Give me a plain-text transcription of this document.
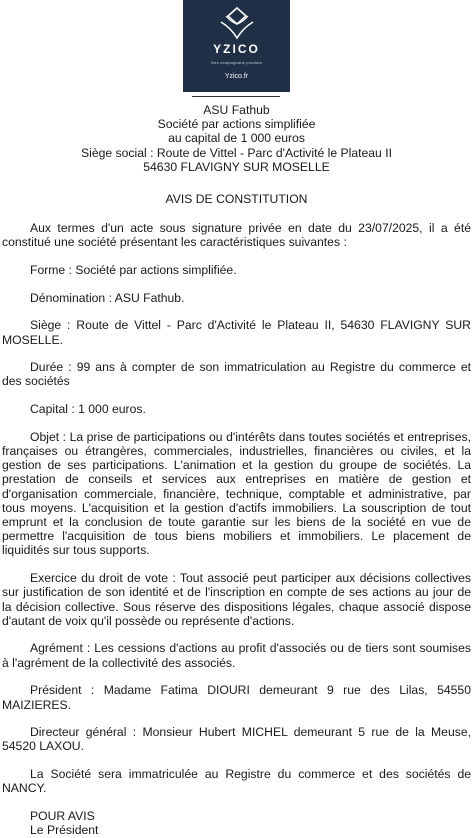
YZICO
Des compagnons proches
Yzico.fr
ASU Fathub
Société par actions simplifiée
au capital de 1 000 euros
Siège social : Route de Vittel - Parc d'Activité le Plateau II
54630 FLAVIGNY SUR MOSELLE
AVIS DE CONSTITUTION

Aux termes d'un acte sous signature privée en date du 23/07/2025, il a été constitué une société présentant les caractéristiques suivantes :

Forme : Société par actions simplifiée.

Dénomination : ASU Fathub.

Siège : Route de Vittel - Parc d'Activité le Plateau II, 54630 FLAVIGNY SUR MOSELLE.

Durée : 99 ans à compter de son immatriculation au Registre du commerce et des sociétés

Capital : 1 000 euros.

Objet : La prise de participations ou d'intérêts dans toutes sociétés et entreprises, françaises ou étrangères, commerciales, industrielles, financières ou civiles, et la gestion de ses participations. L'animation et la gestion du groupe de sociétés. La prestation de conseils et services aux entreprises en matière de gestion et d'organisation commerciale, financière, technique, comptable et administrative, par tous moyens. L'acquisition et la gestion d'actifs immobiliers. La souscription de tout emprunt et la conclusion de toute garantie sur les biens de la société en vue de permettre l'acquisition de tous biens mobiliers et immobiliers. Le placement de liquidités sur tous supports.

Exercice du droit de vote : Tout associé peut participer aux décisions collectives sur justification de son identité et de l'inscription en compte de ses actions au jour de la décision collective. Sous réserve des dispositions légales, chaque associé dispose d'autant de voix qu'il possède ou représente d'actions.

Agrément : Les cessions d'actions au profit d'associés ou de tiers sont soumises à l'agrément de la collectivité des associés.

Président : Madame Fatima DIOURI demeurant 9 rue des Lilas, 54550 MAIZIERES.

Directeur général : Monsieur Hubert MICHEL demeurant 5 rue de la Meuse, 54520 LAXOU.

La Société sera immatriculée au Registre du commerce et des sociétés de NANCY.

POUR AVIS

Le Président
